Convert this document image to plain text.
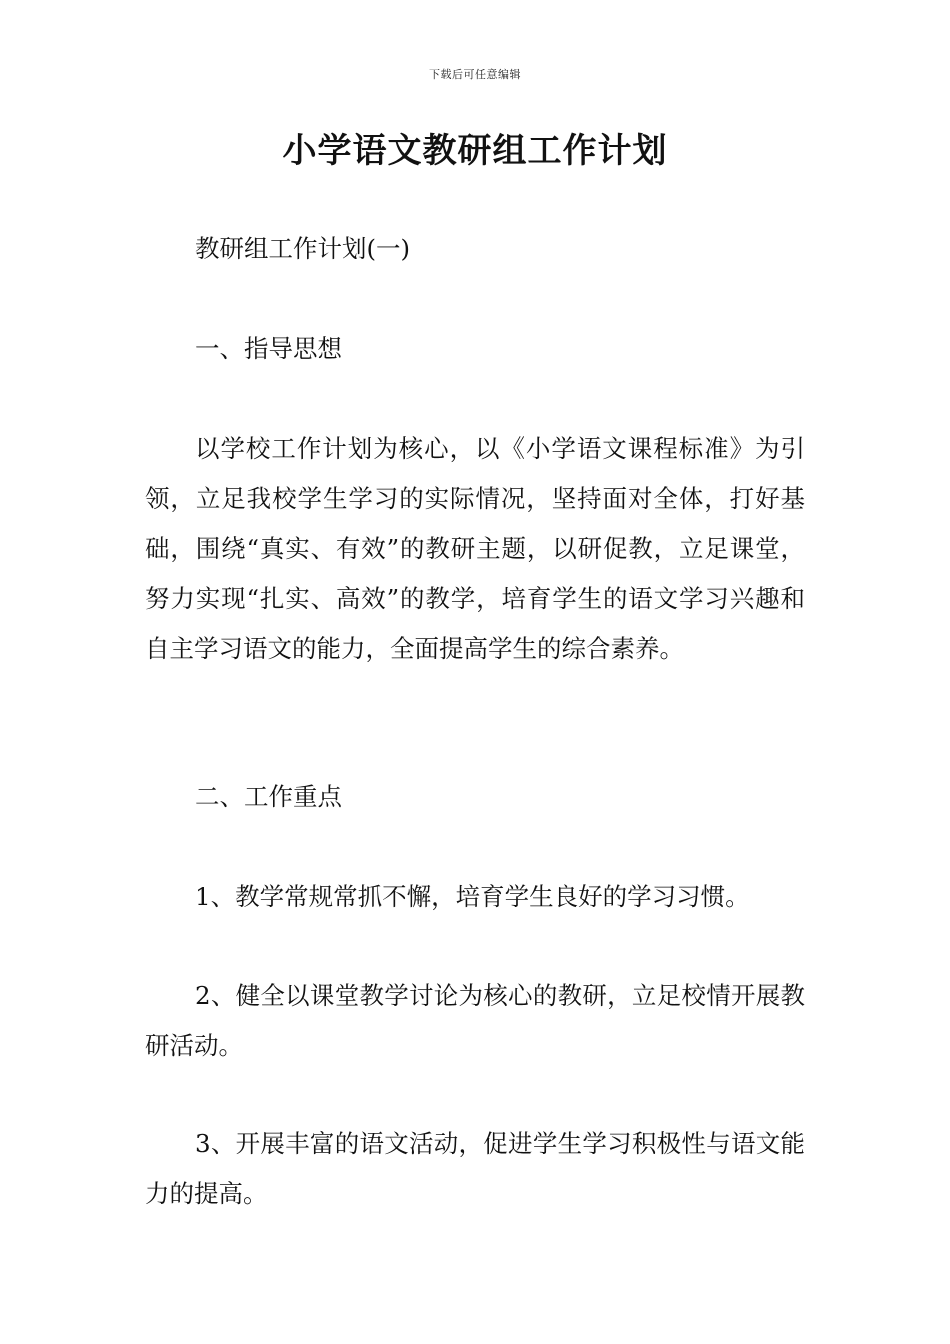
下载后可任意编辑
小学语文教研组工作计划

教研组工作计划(一)

一、指导思想

以学校工作计划为核心，以《小学语文课程标准》为引领，立足我校学生学习的实际情况，坚持面对全体，打好基础，围绕“真实、有效”的教研主题，以研促教，立足课堂，努力实现“扎实、高效”的教学，培育学生的语文学习兴趣和自主学习语文的能力，全面提高学生的综合素养。

二、工作重点

1、教学常规常抓不懈，培育学生良好的学习习惯。

2、健全以课堂教学讨论为核心的教研，立足校情开展教研活动。

3、开展丰富的语文活动，促进学生学习积极性与语文能力的提高。
